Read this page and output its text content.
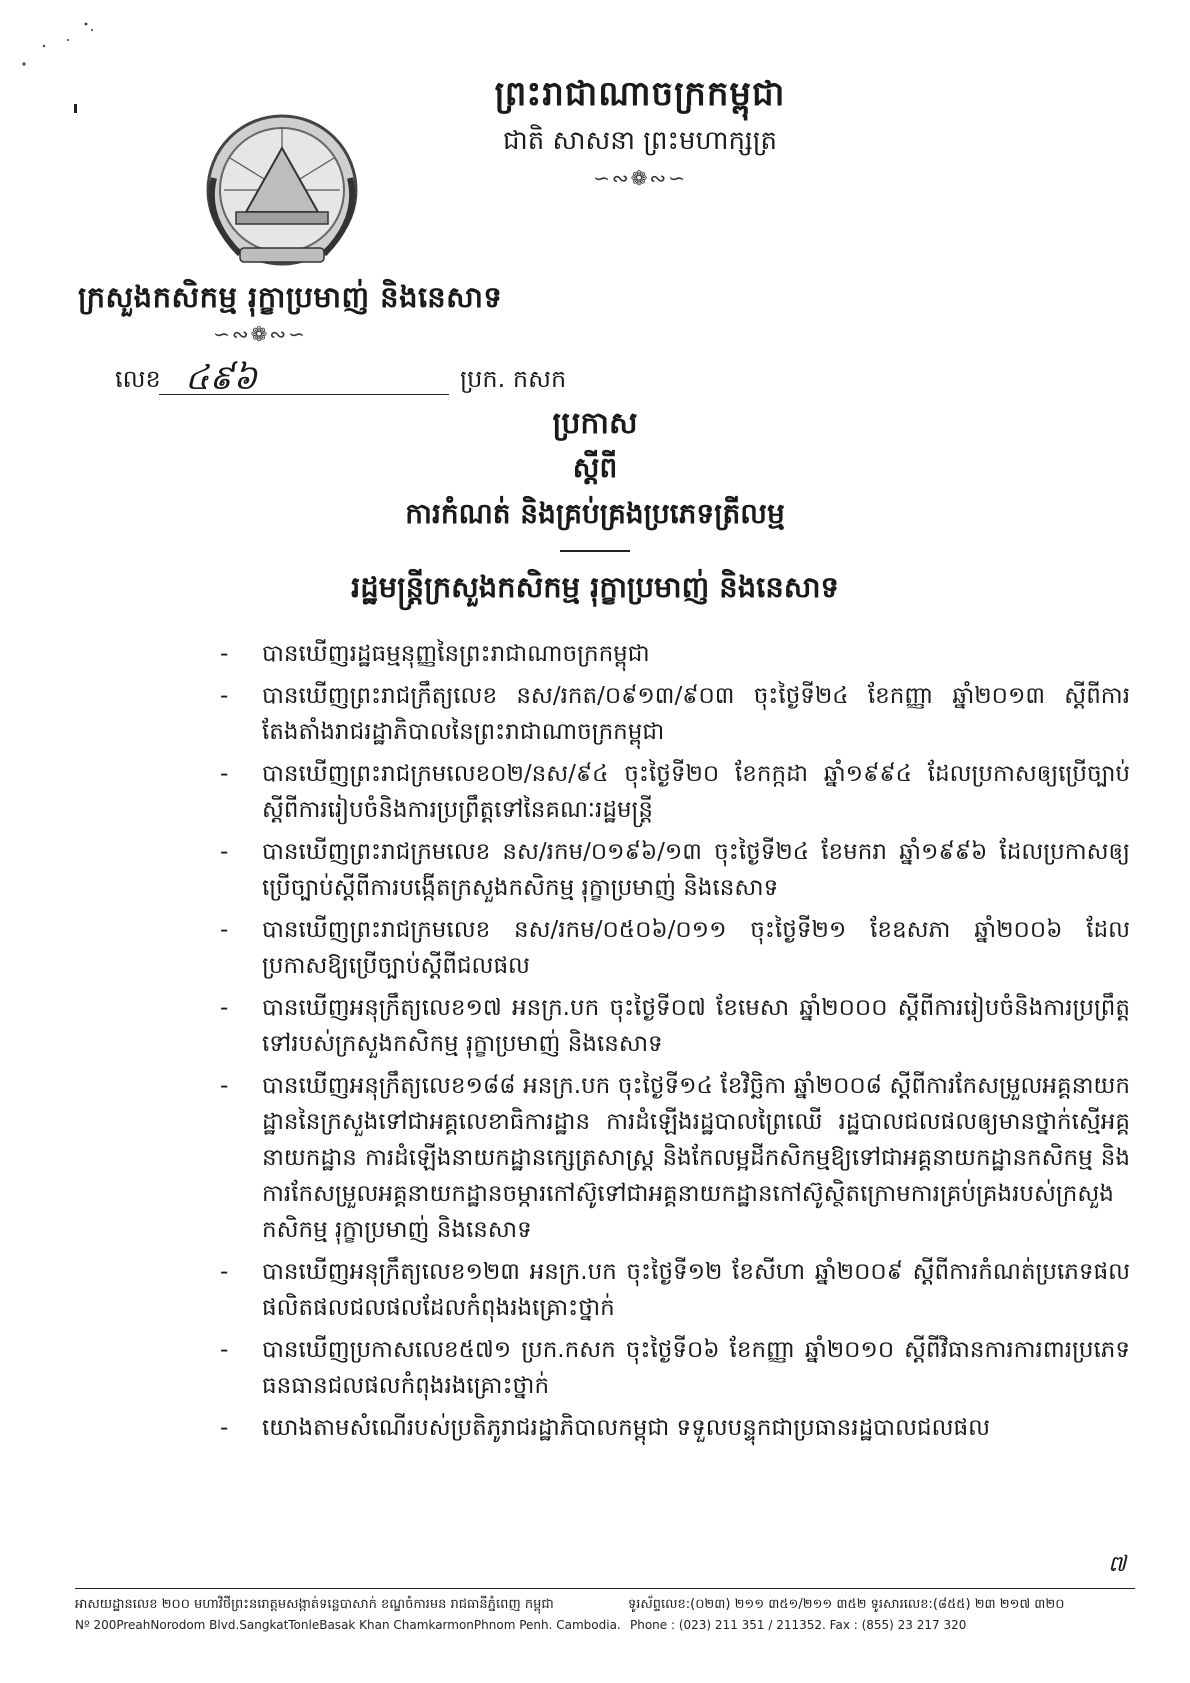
ព្រះរាជាណាចក្រកម្ពុជា
ជាតិ សាសនា ព្រះមហាក្សត្រ
∽∾❁∾∽
ក្រសួងកសិកម្ម រុក្ខាប្រមាញ់ និងនេសាទ
∽∾❁∾∽
លេខ ៤៩៦	ប្រក. កសក
ប្រកាស
ស្តីពី
ការកំណត់ និងគ្រប់គ្រងប្រភេទត្រីលម្ម
រដ្ឋមន្ត្រីក្រសួងកសិកម្ម រុក្ខាប្រមាញ់ និងនេសាទ
- បានឃើញរដ្ឋធម្មនុញ្ញនៃព្រះរាជាណាចក្រកម្ពុជា
- បានឃើញព្រះរាជក្រឹត្យលេខ នស/រកត/០៩១៣/៩០៣ ចុះថ្ងៃទី២៤ ខែកញ្ញា ឆ្នាំ២០១៣ ស្តីពីការតែងតាំងរាជរដ្ឋាភិបាលនៃព្រះរាជាណាចក្រកម្ពុជា
- បានឃើញព្រះរាជក្រមលេខ០២/នស/៩៤ ចុះថ្ងៃទី២០ ខែកក្កដា ឆ្នាំ១៩៩៤ ដែលប្រកាសឲ្យប្រើច្បាប់ស្តីពីការរៀបចំនិងការប្រព្រឹត្តទៅនៃគណៈរដ្ឋមន្ត្រី
- បានឃើញព្រះរាជក្រមលេខ នស/រកម/០១៩៦/១៣ ចុះថ្ងៃទី២៤ ខែមករា ឆ្នាំ១៩៩៦ ដែលប្រកាសឲ្យប្រើច្បាប់ស្តីពីការបង្កើតក្រសួងកសិកម្ម រុក្ខាប្រមាញ់ និងនេសាទ
- បានឃើញព្រះរាជក្រមលេខ នស/រកម/០៥០៦/០១១ ចុះថ្ងៃទី២១ ខែឧសភា ឆ្នាំ២០០៦ ដែលប្រកាសឱ្យប្រើច្បាប់ស្តីពីជលផល
- បានឃើញអនុក្រឹត្យលេខ១៧ អនក្រ.បក ចុះថ្ងៃទី០៧ ខែមេសា ឆ្នាំ២០០០ ស្តីពីការរៀបចំនិងការប្រព្រឹត្តទៅរបស់ក្រសួងកសិកម្ម រុក្ខាប្រមាញ់ និងនេសាទ
- បានឃើញអនុក្រឹត្យលេខ១៨៨ អនក្រ.បក ចុះថ្ងៃទី១៤ ខែវិច្ឆិកា ឆ្នាំ២០០៨ ស្តីពីការកែសម្រួលអគ្គនាយកដ្ឋាននៃក្រសួងទៅជាអគ្គលេខាធិការដ្ឋាន ការដំឡើងរដ្ឋបាលព្រៃឈើ រដ្ឋបាលជលផលឲ្យមានថ្នាក់ស្មើអគ្គនាយកដ្ឋាន ការដំឡើងនាយកដ្ឋានក្សេត្រសាស្ត្រ និងកែលម្អដីកសិកម្មឱ្យទៅជាអគ្គនាយកដ្ឋានកសិកម្ម និងការកែសម្រួលអគ្គនាយកដ្ឋានចម្ការកៅស៊ូទៅជាអគ្គនាយកដ្ឋានកៅស៊ូស្ថិតក្រោមការគ្រប់គ្រងរបស់ក្រសួងកសិកម្ម រុក្ខាប្រមាញ់ និងនេសាទ
- បានឃើញអនុក្រឹត្យលេខ១២៣ អនក្រ.បក ចុះថ្ងៃទី១២ ខែសីហា ឆ្នាំ២០០៩ ស្តីពីការកំណត់ប្រភេទផលផលិតផលជលផលដែលកំពុងរងគ្រោះថ្នាក់
- បានឃើញប្រកាសលេខ៥៧១ ប្រក.កសក ចុះថ្ងៃទី០៦ ខែកញ្ញា ឆ្នាំ២០១០ ស្តីពីវិធានការការពារប្រភេទធនធានជលផលកំពុងរងគ្រោះថ្នាក់
- យោងតាមសំណើរបស់ប្រតិភូរាជរដ្ឋាភិបាលកម្ពុជា ទទួលបន្ទុកជាប្រធានរដ្ឋបាលជលផល
៧
អាសយដ្ឋានលេខ ២០០ មហាវិថីព្រះនរោត្តមសង្កាត់ទន្លេបាសាក់ ខណ្ឌចំការមន រាជធានីភ្នំពេញ កម្ពុជា
Nº 200PreahNorodom Blvd.SangkatTonleBasak Khan ChamkarmonPhnom Penh. Cambodia.
ទូរស័ព្ទលេខ:(០២៣) ២១១ ៣៥១/២១១ ៣៥២ ទូរសារលេខ:(៨៥៥) ២៣ ២១៧ ៣២០
Phone : (023) 211 351 / 211352. Fax : (855) 23 217 320
